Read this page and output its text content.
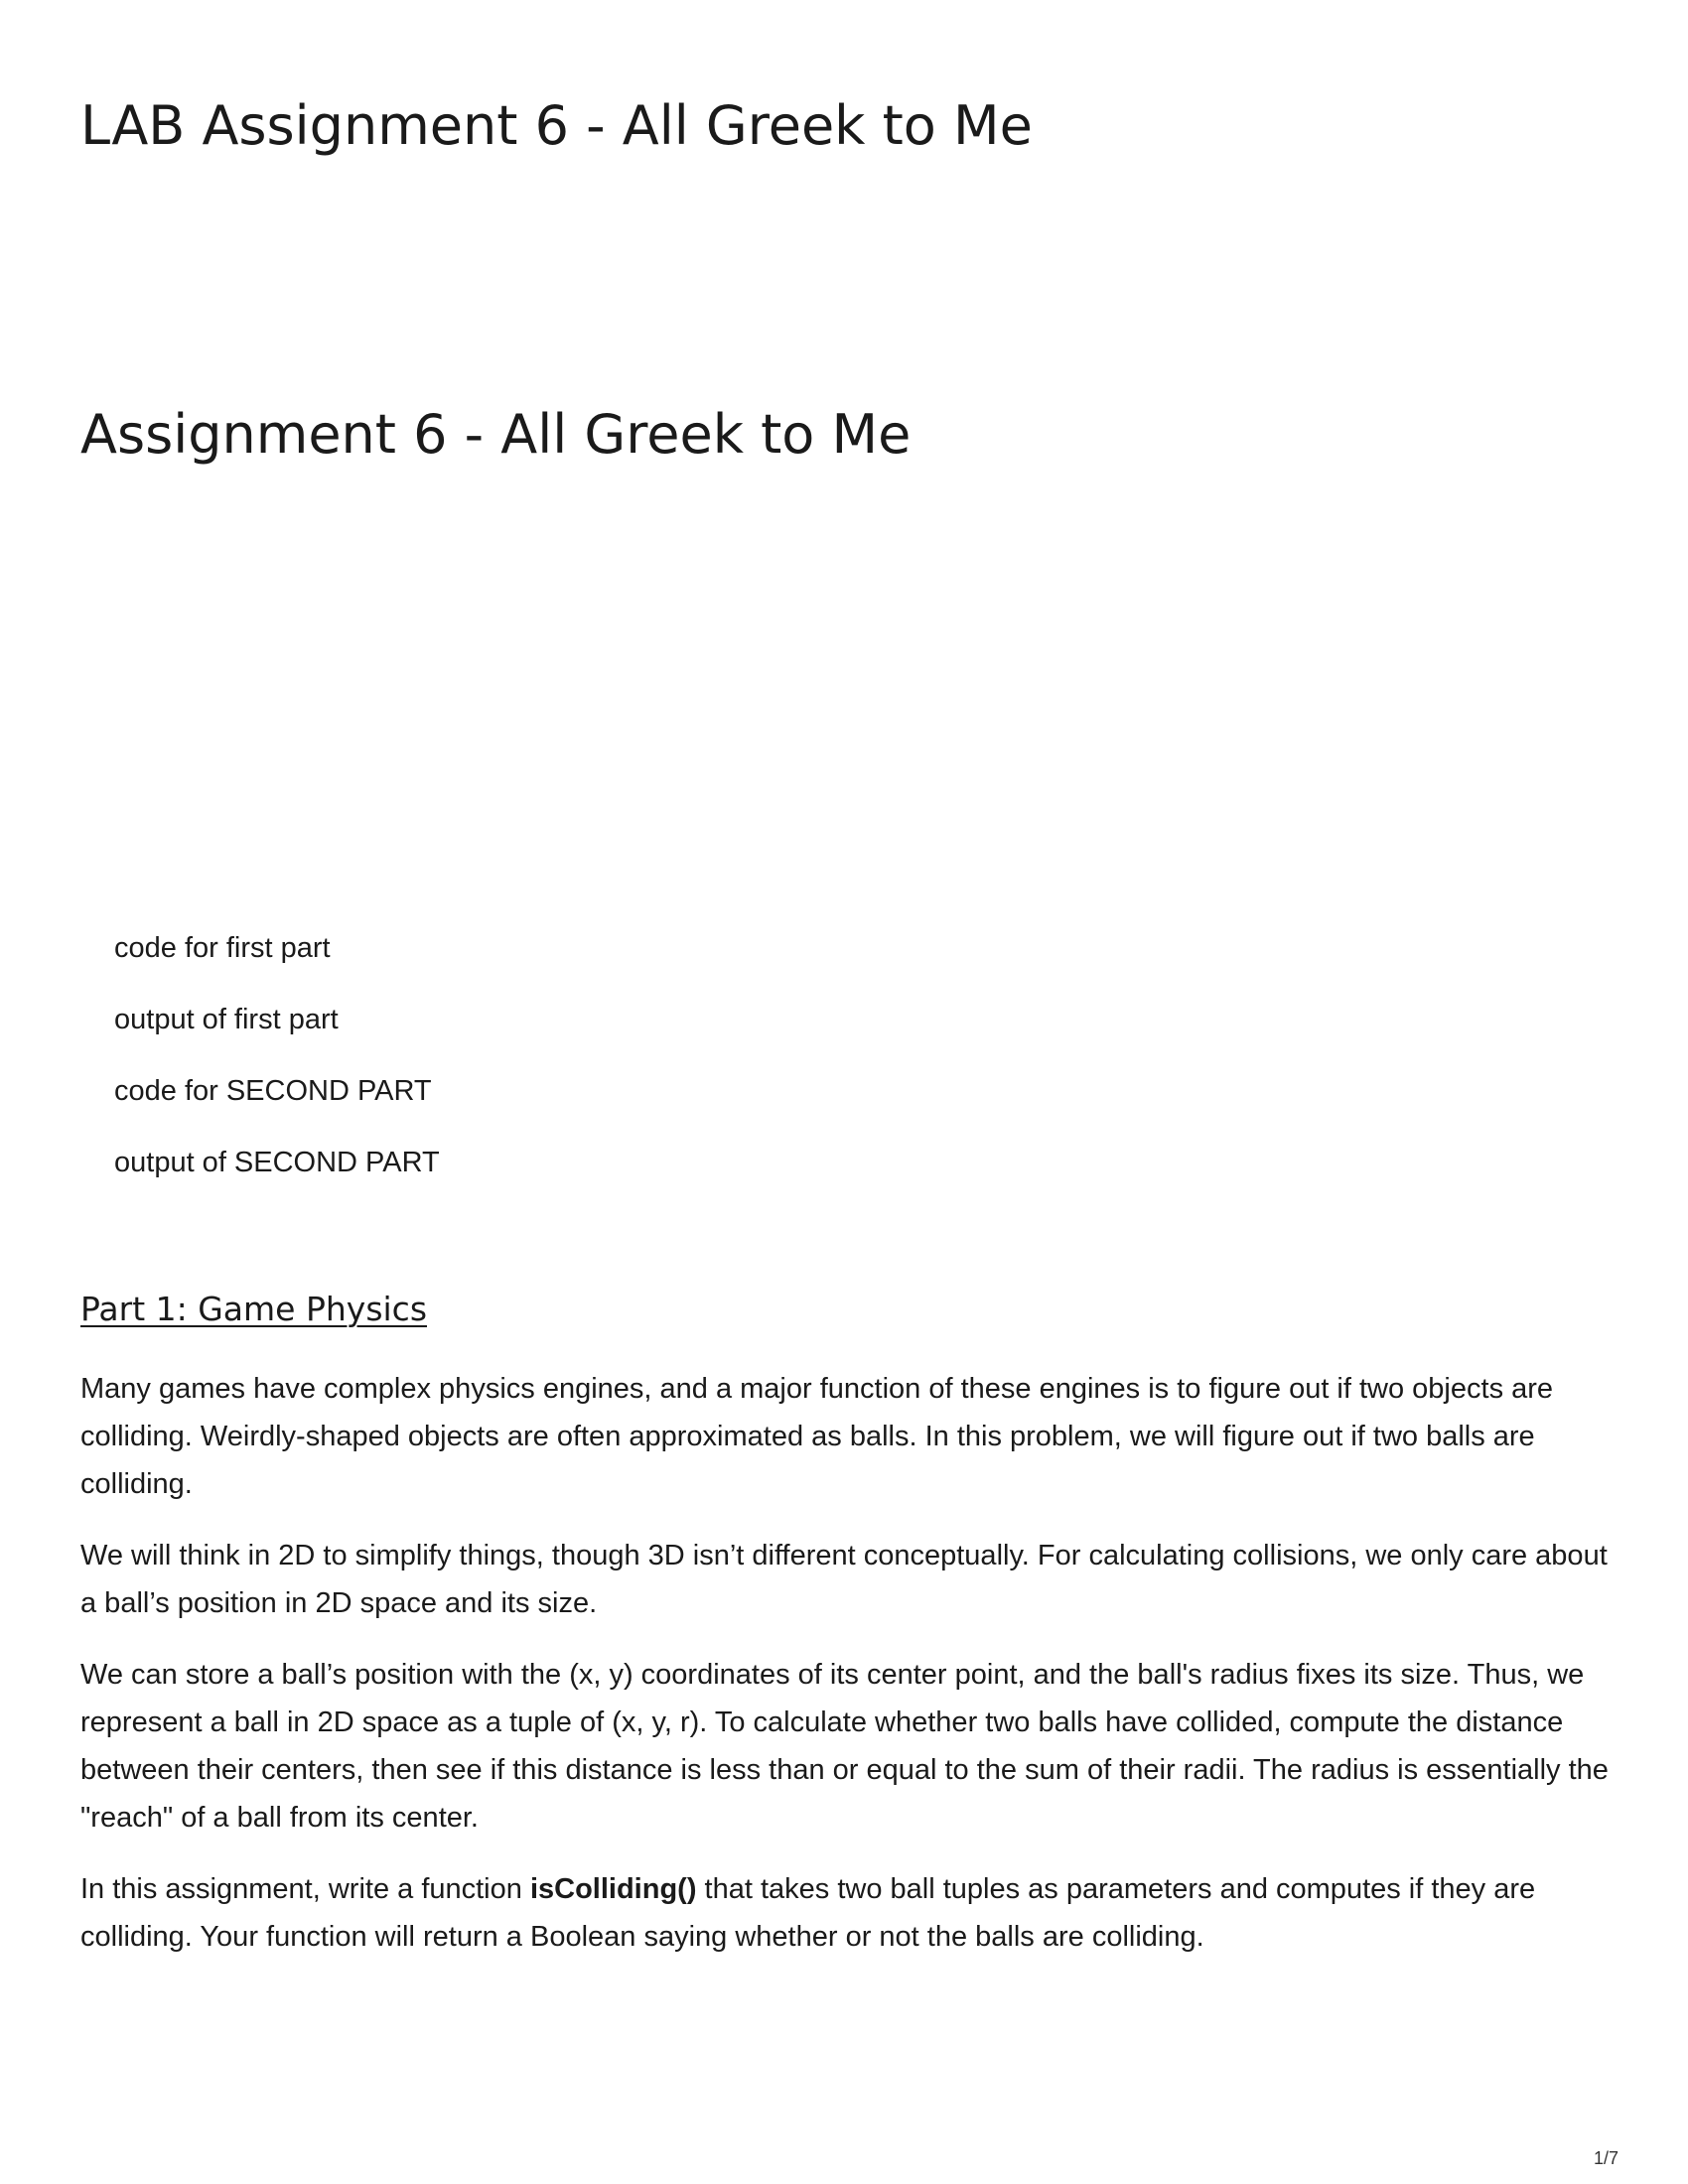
LAB Assignment 6 - All Greek to Me
Assignment 6 - All Greek to Me
code for first part
output of first part
code for SECOND PART
output of SECOND PART
Part 1: Game Physics

Many games have complex physics engines, and a major function of these engines is to figure out if two objects are colliding. Weirdly-shaped objects are often approximated as balls. In this problem, we will figure out if two balls are colliding.

We will think in 2D to simplify things, though 3D isn’t different conceptually. For calculating collisions, we only care about a ball’s position in 2D space and its size.

We can store a ball’s position with the (x, y) coordinates of its center point, and the ball's radius fixes its size. Thus, we represent a ball in 2D space as a tuple of (x, y, r). To calculate whether two balls have collided, compute the distance between their centers, then see if this distance is less than or equal to the sum of their radii. The radius is essentially the "reach" of a ball from its center.

In this assignment, write a function isColliding() that takes two ball tuples as parameters and computes if they are colliding. Your function will return a Boolean saying whether or not the balls are colliding.

1/7
